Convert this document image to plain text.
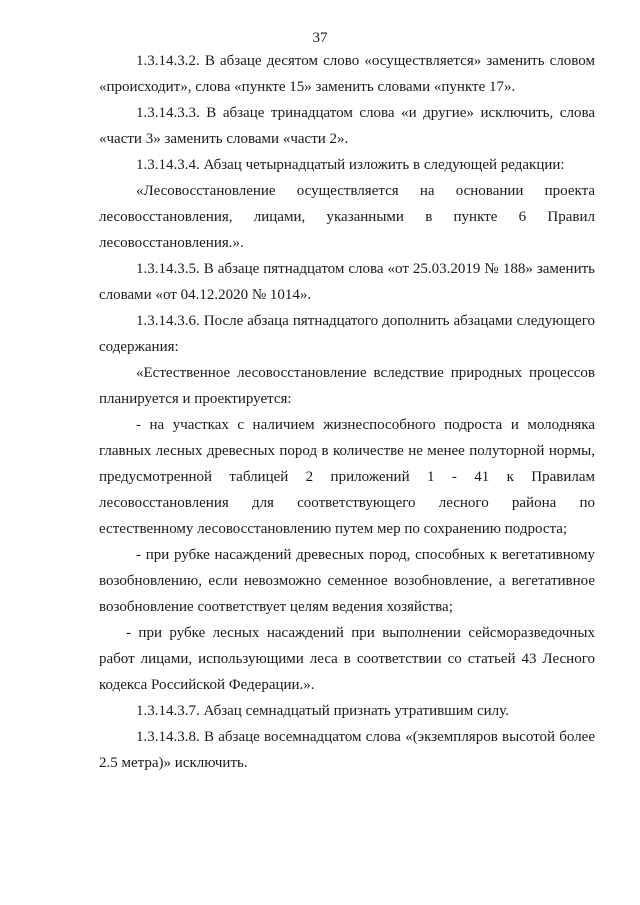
37

1.3.14.3.2. В абзаце десятом слово «осуществляется» заменить словом «происходит», слова «пункте 15» заменить словами «пункте 17».

1.3.14.3.3. В абзаце тринадцатом слова «и другие» исключить, слова «части 3» заменить словами «части 2».

1.3.14.3.4. Абзац четырнадцатый изложить в следующей редакции:

«Лесовосстановление осуществляется на основании проекта лесовосстановления, лицами, указанными в пункте 6 Правил лесовосстановления.».

1.3.14.3.5. В абзаце пятнадцатом слова «от 25.03.2019 № 188» заменить словами «от 04.12.2020 № 1014».

1.3.14.3.6. После абзаца пятнадцатого дополнить абзацами следующего содержания:

«Естественное лесовосстановление вследствие природных процессов планируется и проектируется:

- на участках с наличием жизнеспособного подроста и молодняка главных лесных древесных пород в количестве не менее полуторной нормы, предусмотренной таблицей 2 приложений 1 - 41 к Правилам лесовосстановления для соответствующего лесного района по естественному лесовосстановлению путем мер по сохранению подроста;

- при рубке насаждений древесных пород, способных к вегетативному возобновлению, если невозможно семенное возобновление, а вегетативное возобновление соответствует целям ведения хозяйства;

- при рубке лесных насаждений при выполнении сейсморазведочных работ лицами, использующими леса в соответствии со статьей 43 Лесного кодекса Российской Федерации.».

1.3.14.3.7. Абзац семнадцатый признать утратившим силу.

1.3.14.3.8. В абзаце восемнадцатом слова «(экземпляров высотой более 2.5 метра)» исключить.
